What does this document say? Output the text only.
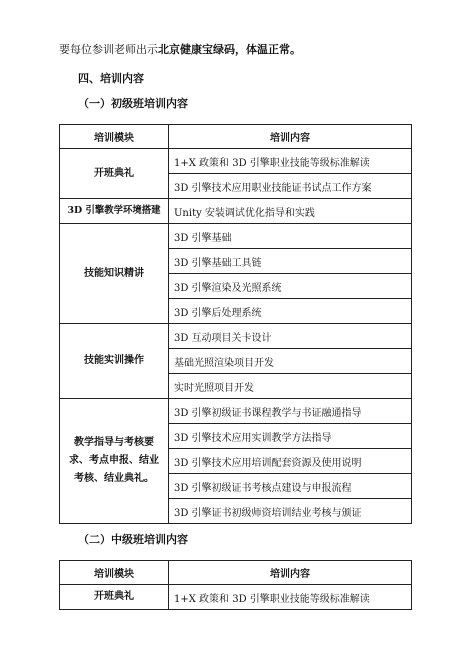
要每位参训老师出示北京健康宝绿码，体温正常。
四、培训内容
（一）初级班培训内容
培训模块	培训内容
开班典礼	1+X 政策和 3D 引擎职业技能等级标准解读
	3D 引擎技术应用职业技能证书试点工作方案
3D 引擎教学环境搭建	Unity 安装调试优化指导和实践
技能知识精讲	3D 引擎基础
	3D 引擎基础工具链
	3D 引擎渲染及光照系统
	3D 引擎后处理系统
技能实训操作	3D 互动项目关卡设计
	基础光照渲染项目开发
	实时光照项目开发
教学指导与考核要求、考点申报、结业考核、结业典礼。	3D 引擎初级证书课程教学与书证融通指导
	3D 引擎技术应用实训教学方法指导
	3D 引擎技术应用培训配套资源及使用说明
	3D 引擎初级证书考核点建设与申报流程
	3D 引擎证书初级师资培训结业考核与颁证
（二）中级班培训内容
培训模块	培训内容
开班典礼	1+X 政策和 3D 引擎职业技能等级标准解读
